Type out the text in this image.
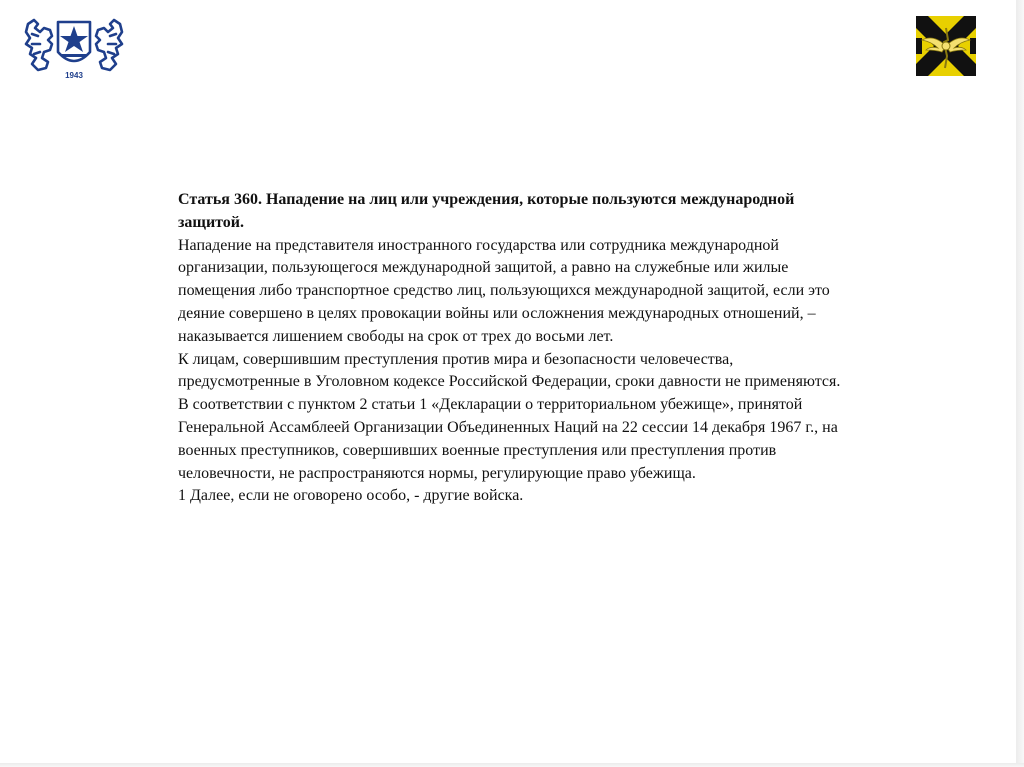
1943

Статья 360. Нападение на лиц или учреждения, которые пользуются международной защитой.

Нападение на представителя иностранного государства или сотрудника международной организации, пользующегося международной защитой, а равно на служебные или жилые помещения либо транспортное средство лиц, пользующихся международной защитой, если это деяние совершено в целях провокации войны или осложнения международных отношений, –

наказывается лишением свободы на срок от трех до восьми лет.

К лицам, совершившим преступления против мира и безопасности человечества, предусмотренные в Уголовном кодексе Российской Федерации, сроки давности не применяются.

В соответствии с пунктом 2 статьи 1 «Декларации о территориальном убежище», принятой Генеральной Ассамблеей Организации Объединенных Наций на 22 сессии 14 декабря 1967 г., на военных преступников, совершивших военные преступления или преступления против человечности, не распространяются нормы, регулирующие право убежища.

1 Далее, если не оговорено особо, - другие войска.
